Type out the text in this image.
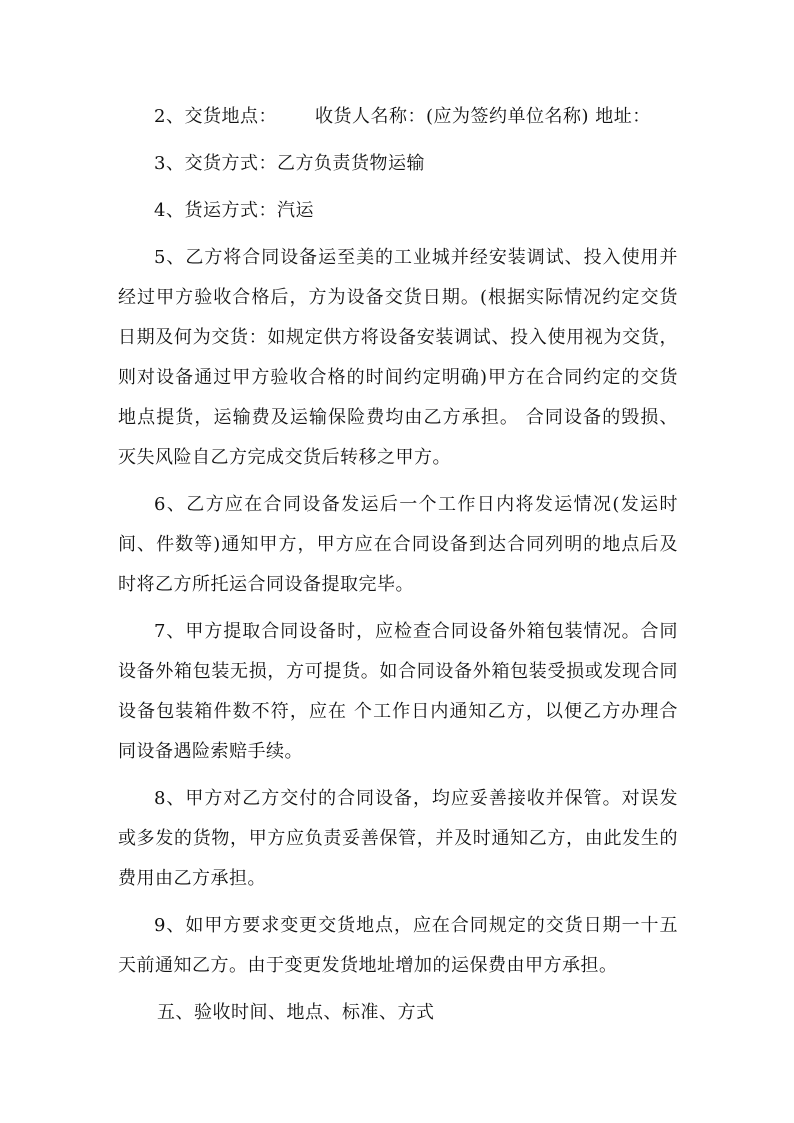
2、交货地点： 收货人名称：(应为签约单位名称) 地址：

3、交货方式：乙方负责货物运输

4、货运方式：汽运

5、乙方将合同设备运至美的工业城并经安装调试、投入使用并经过甲方验收合格后，方为设备交货日期。(根据实际情况约定交货日期及何为交货：如规定供方将设备安装调试、投入使用视为交货，则对设备通过甲方验收合格的时间约定明确)甲方在合同约定的交货地点提货，运输费及运输保险费均由乙方承担。 合同设备的毁损、灭失风险自乙方完成交货后转移之甲方。

6、乙方应在合同设备发运后一个工作日内将发运情况(发运时间、件数等)通知甲方，甲方应在合同设备到达合同列明的地点后及时将乙方所托运合同设备提取完毕。

7、甲方提取合同设备时，应检查合同设备外箱包装情况。合同设备外箱包装无损，方可提货。如合同设备外箱包装受损或发现合同设备包装箱件数不符，应在 个工作日内通知乙方，以便乙方办理合同设备遇险索赔手续。

8、甲方对乙方交付的合同设备，均应妥善接收并保管。对误发或多发的货物，甲方应负责妥善保管，并及时通知乙方，由此发生的费用由乙方承担。

9、如甲方要求变更交货地点，应在合同规定的交货日期一十五天前通知乙方。由于变更发货地址增加的运保费由甲方承担。

五、验收时间、地点、标准、方式
